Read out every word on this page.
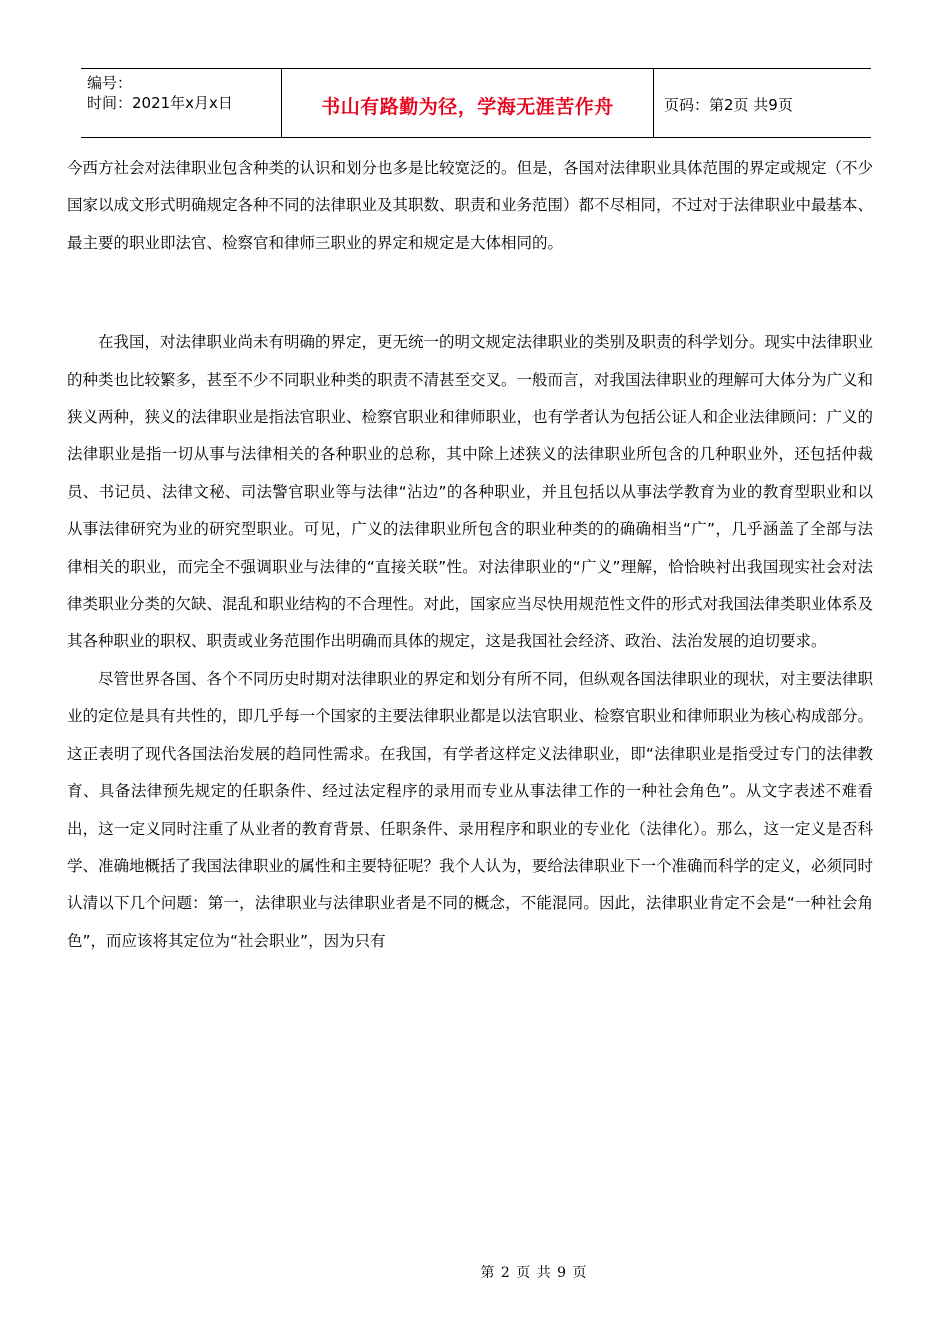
编号：
时间：2021年x月x日	书山有路勤为径，学海无涯苦作舟	页码：第2页 共9页

今西方社会对法律职业包含种类的认识和划分也多是比较宽泛的。但是，各国对法律职业具体范围的界定或规定（不少国家以成文形式明确规定各种不同的法律职业及其职数、职责和业务范围）都不尽相同，不过对于法律职业中最基本、最主要的职业即法官、检察官和律师三职业的界定和规定是大体相同的。

在我国，对法律职业尚未有明确的界定，更无统一的明文规定法律职业的类别及职责的科学划分。现实中法律职业的种类也比较繁多，甚至不少不同职业种类的职责不清甚至交叉。一般而言，对我国法律职业的理解可大体分为广义和狭义两种，狭义的法律职业是指法官职业、检察官职业和律师职业，也有学者认为包括公证人和企业法律顾问：广义的法律职业是指一切从事与法律相关的各种职业的总称，其中除上述狭义的法律职业所包含的几种职业外，还包括仲裁员、书记员、法律文秘、司法警官职业等与法律“沾边”的各种职业，并且包括以从事法学教育为业的教育型职业和以从事法律研究为业的研究型职业。可见，广义的法律职业所包含的职业种类的的确确相当“广”，几乎涵盖了全部与法律相关的职业，而完全不强调职业与法律的“直接关联”性。对法律职业的“广义”理解，恰恰映衬出我国现实社会对法律类职业分类的欠缺、混乱和职业结构的不合理性。对此，国家应当尽快用规范性文件的形式对我国法律类职业体系及其各种职业的职权、职责或业务范围作出明确而具体的规定，这是我国社会经济、政治、法治发展的迫切要求。

尽管世界各国、各个不同历史时期对法律职业的界定和划分有所不同，但纵观各国法律职业的现状，对主要法律职业的定位是具有共性的，即几乎每一个国家的主要法律职业都是以法官职业、检察官职业和律师职业为核心构成部分。这正表明了现代各国法治发展的趋同性需求。在我国，有学者这样定义法律职业，即“法律职业是指受过专门的法律教育、具备法律预先规定的任职条件、经过法定程序的录用而专业从事法律工作的一种社会角色”。从文字表述不难看出，这一定义同时注重了从业者的教育背景、任职条件、录用程序和职业的专业化（法律化）。那么，这一定义是否科学、准确地概括了我国法律职业的属性和主要特征呢？我个人认为，要给法律职业下一个准确而科学的定义，必须同时认清以下几个问题：第一，法律职业与法律职业者是不同的概念，不能混同。因此，法律职业肯定不会是“一种社会角色”，而应该将其定位为“社会职业”，因为只有

第 2 页 共 9 页
